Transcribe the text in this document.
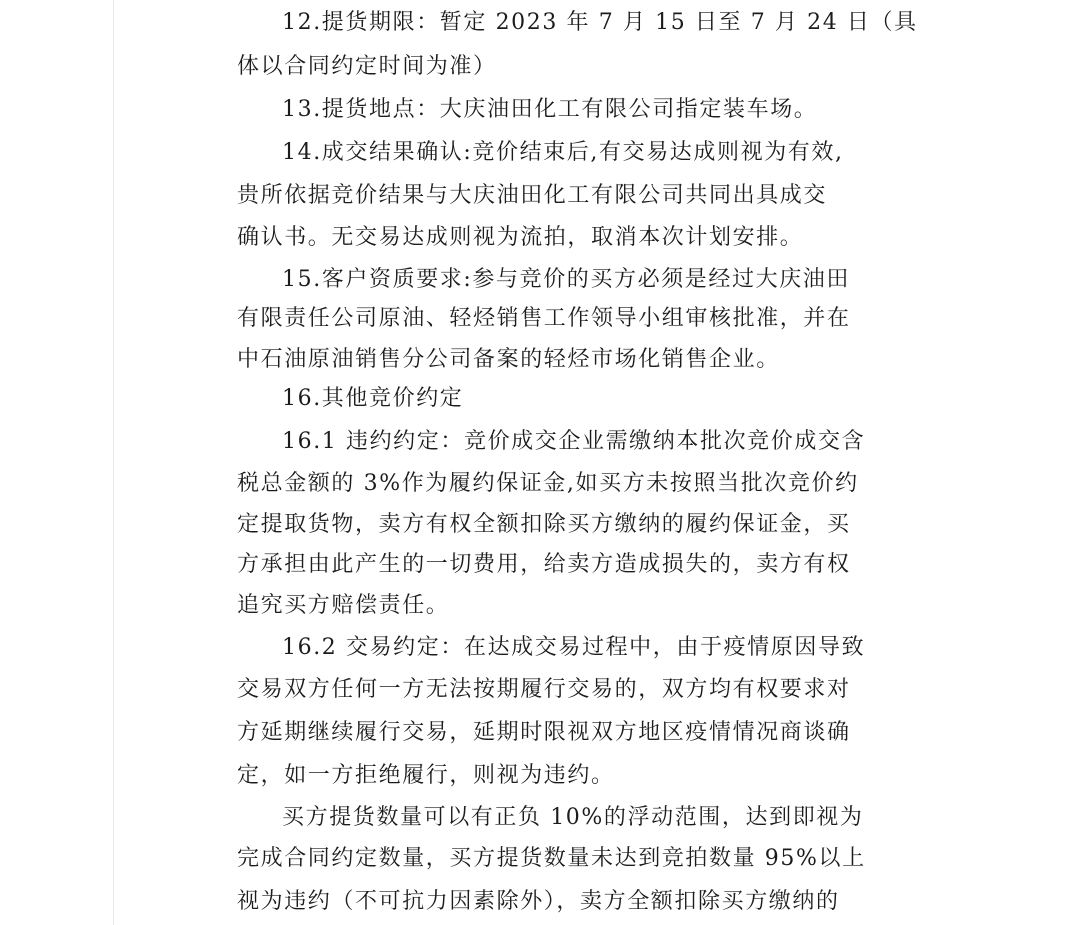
12.提货期限：暂定 2023 年 7 月 15 日至 7 月 24 日（具
体以合同约定时间为准）
13.提货地点：大庆油田化工有限公司指定装车场。
14.成交结果确认:竞价结束后,有交易达成则视为有效,
贵所依据竞价结果与大庆油田化工有限公司共同出具成交
确认书。无交易达成则视为流拍，取消本次计划安排。
15.客户资质要求:参与竞价的买方必须是经过大庆油田
有限责任公司原油、轻烃销售工作领导小组审核批准，并在
中石油原油销售分公司备案的轻烃市场化销售企业。
16.其他竞价约定
16.1 违约约定：竞价成交企业需缴纳本批次竞价成交含
税总金额的 3%作为履约保证金,如买方未按照当批次竞价约
定提取货物，卖方有权全额扣除买方缴纳的履约保证金，买
方承担由此产生的一切费用，给卖方造成损失的，卖方有权
追究买方赔偿责任。
16.2 交易约定：在达成交易过程中，由于疫情原因导致
交易双方任何一方无法按期履行交易的，双方均有权要求对
方延期继续履行交易，延期时限视双方地区疫情情况商谈确
定，如一方拒绝履行，则视为违约。
买方提货数量可以有正负 10%的浮动范围，达到即视为
完成合同约定数量，买方提货数量未达到竞拍数量 95%以上
视为违约（不可抗力因素除外），卖方全额扣除买方缴纳的
